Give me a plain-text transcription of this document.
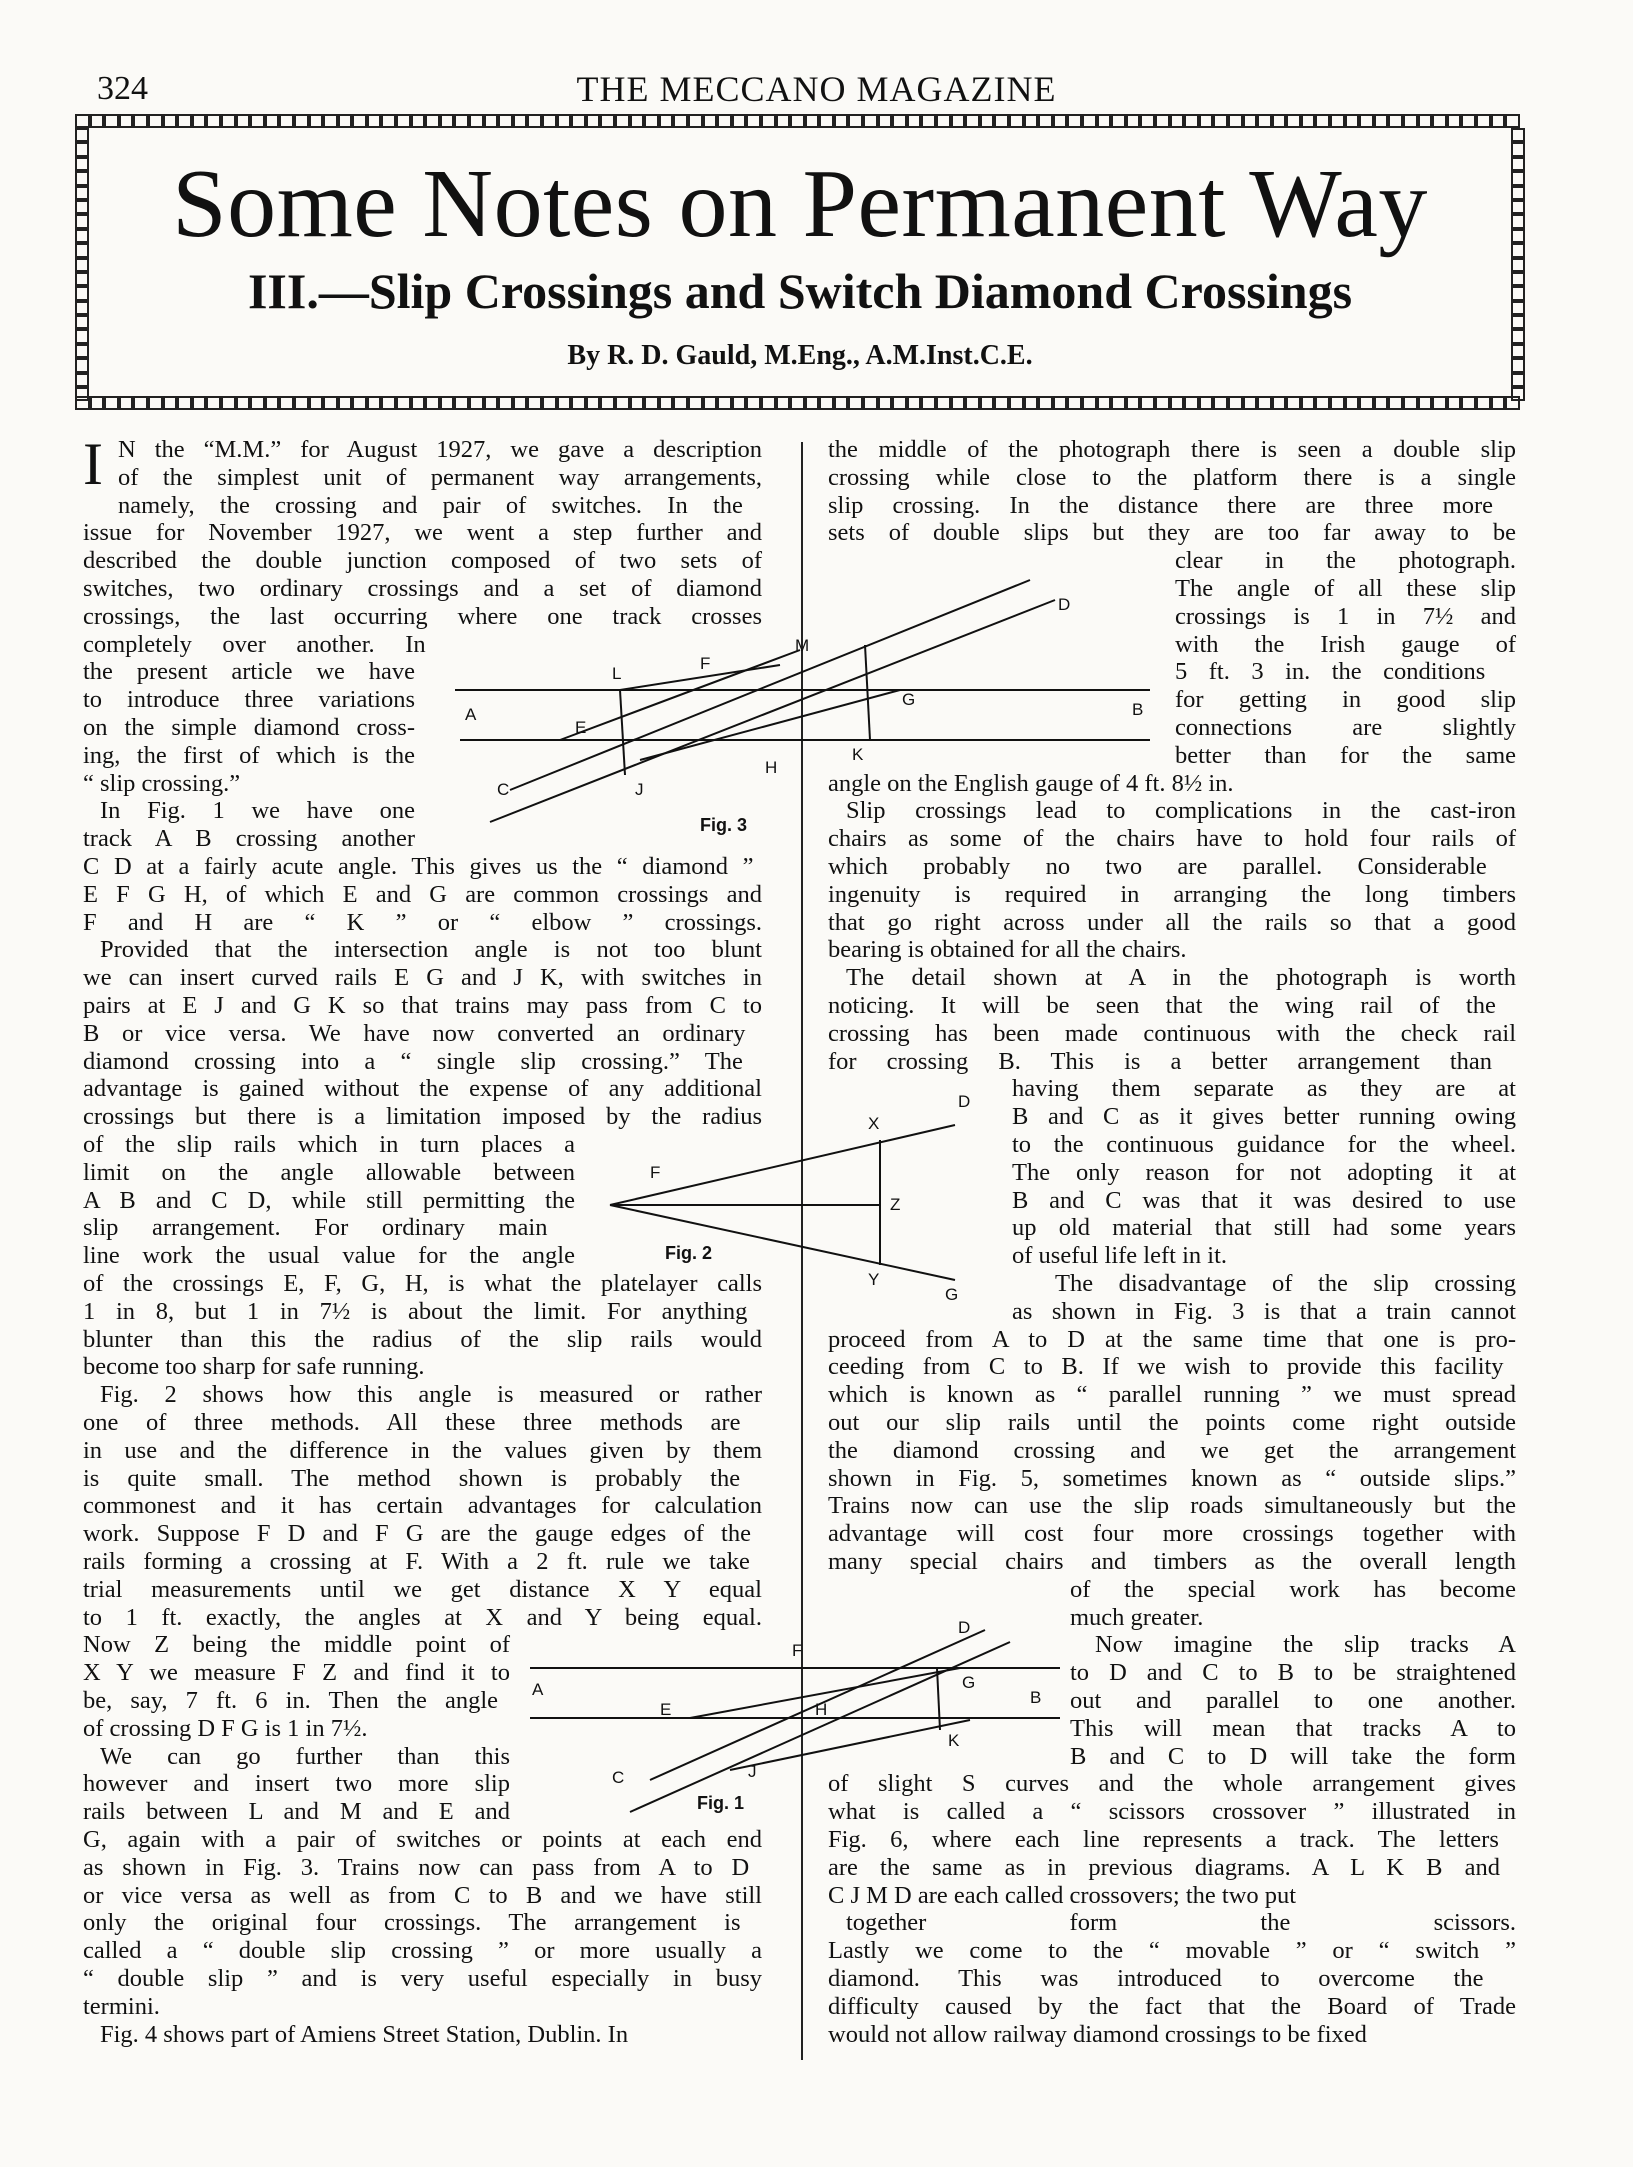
324	THE MECCANO MAGAZINE
Some Notes on Permanent Way
III.—Slip Crossings and Switch Diamond Crossings
By R. D. Gauld, M.Eng., A.M.Inst.C.E.
I N the “M.M.” for August 1927, we gave a description
of the simplest unit of permanent way arrangements,
namely, the crossing and pair of switches. In the
issue for November 1927, we went a step further and
described the double junction composed of two sets of
switches, two ordinary crossings and a set of diamond
crossings, the last occurring where one track crosses
completely over another. In
the present article we have
to introduce three variations
on the simple diamond cross-
ing, the first of which is the
“ slip crossing.”
In Fig. 1 we have one
track A B crossing another
C D at a fairly acute angle. This gives us the “ diamond ”
E F G H, of which E and G are common crossings and
F and H are “ K ” or “ elbow ” crossings.
Provided that the intersection angle is not too blunt
we can insert curved rails E G and J K, with switches in
pairs at E J and G K so that trains may pass from C to
B or vice versa. We have now converted an ordinary
diamond crossing into a “ single slip crossing.” The
advantage is gained without the expense of any additional
crossings but there is a limitation imposed by the radius
of the slip rails which in turn places a
limit on the angle allowable between
A B and C D, while still permitting the
slip arrangement. For ordinary main
line work the usual value for the angle
of the crossings E, F, G, H, is what the platelayer calls
1 in 8, but 1 in 7½ is about the limit. For anything
blunter than this the radius of the slip rails would
become too sharp for safe running.
Fig. 2 shows how this angle is measured or rather
one of three methods. All these three methods are
in use and the difference in the values given by them
is quite small. The method shown is probably the
commonest and it has certain advantages for calculation
work. Suppose F D and F G are the gauge edges of the
rails forming a crossing at F. With a 2 ft. rule we take
trial measurements until we get distance X Y equal
to 1 ft. exactly, the angles at X and Y being equal.
Now Z being the middle point of
X Y we measure F Z and find it to
be, say, 7 ft. 6 in. Then the angle
of crossing D F G is 1 in 7½.
We can go further than this
however and insert two more slip
rails between L and M and E and
G, again with a pair of switches or points at each end
as shown in Fig. 3. Trains now can pass from A to D
or vice versa as well as from C to B and we have still
only the original four crossings. The arrangement is
called a “ double slip crossing ” or more usually a
“ double slip ” and is very useful especially in busy
termini.
Fig. 4 shows part of Amiens Street Station, Dublin. In
the middle of the photograph there is seen a double slip
crossing while close to the platform there is a single
slip crossing. In the distance there are three more
sets of double slips but they are too far away to be
clear in the photograph.
The angle of all these slip
crossings is 1 in 7½ and
with the Irish gauge of
5 ft. 3 in. the conditions
for getting in good slip
connections are slightly
better than for the same
angle on the English gauge of 4 ft. 8½ in.
Slip crossings lead to complications in the cast-iron
chairs as some of the chairs have to hold four rails of
which probably no two are parallel. Considerable
ingenuity is required in arranging the long timbers
that go right across under all the rails so that a good
bearing is obtained for all the chairs.
The detail shown at A in the photograph is worth
noticing. It will be seen that the wing rail of the
crossing has been made continuous with the check rail
for crossing B. This is a better arrangement than
having them separate as they are at
B and C as it gives better running owing
to the continuous guidance for the wheel.
The only reason for not adopting it at
B and C was that it was desired to use
up old material that still had some years
of useful life left in it.
The disadvantage of the slip crossing
as shown in Fig. 3 is that a train cannot
proceed from A to D at the same time that one is pro-
ceeding from C to B. If we wish to provide this facility
which is known as “ parallel running ” we must spread
out our slip rails until the points come right outside
the diamond crossing and we get the arrangement
shown in Fig. 5, sometimes known as “ outside slips.”
Trains now can use the slip roads simultaneously but the
advantage will cost four more crossings together with
many special chairs and timbers as the overall length
of the special work has become
much greater.
Now imagine the slip tracks A
to D and C to B to be straightened
out and parallel to one another.
This will mean that tracks A to
B and C to D will take the form
of slight S curves and the whole arrangement gives
what is called a “ scissors crossover ” illustrated in
Fig. 6, where each line represents a track. The letters
are the same as in previous diagrams. A L K B and
C J M D are each called crossovers; the two put
together form the scissors.
Lastly we come to the “ movable ” or “ switch ”
diamond. This was introduced to overcome the
difficulty caused by the fact that the Board of Trade
would not allow railway diamond crossings to be fixed
A	B
C
D
E
F
G
H
J
K
L
M
Fig. 3
D
X
F
Z
Y
G
Fig. 2
A	B
C
D
E
F
G
H
J
K
Fig. 1
